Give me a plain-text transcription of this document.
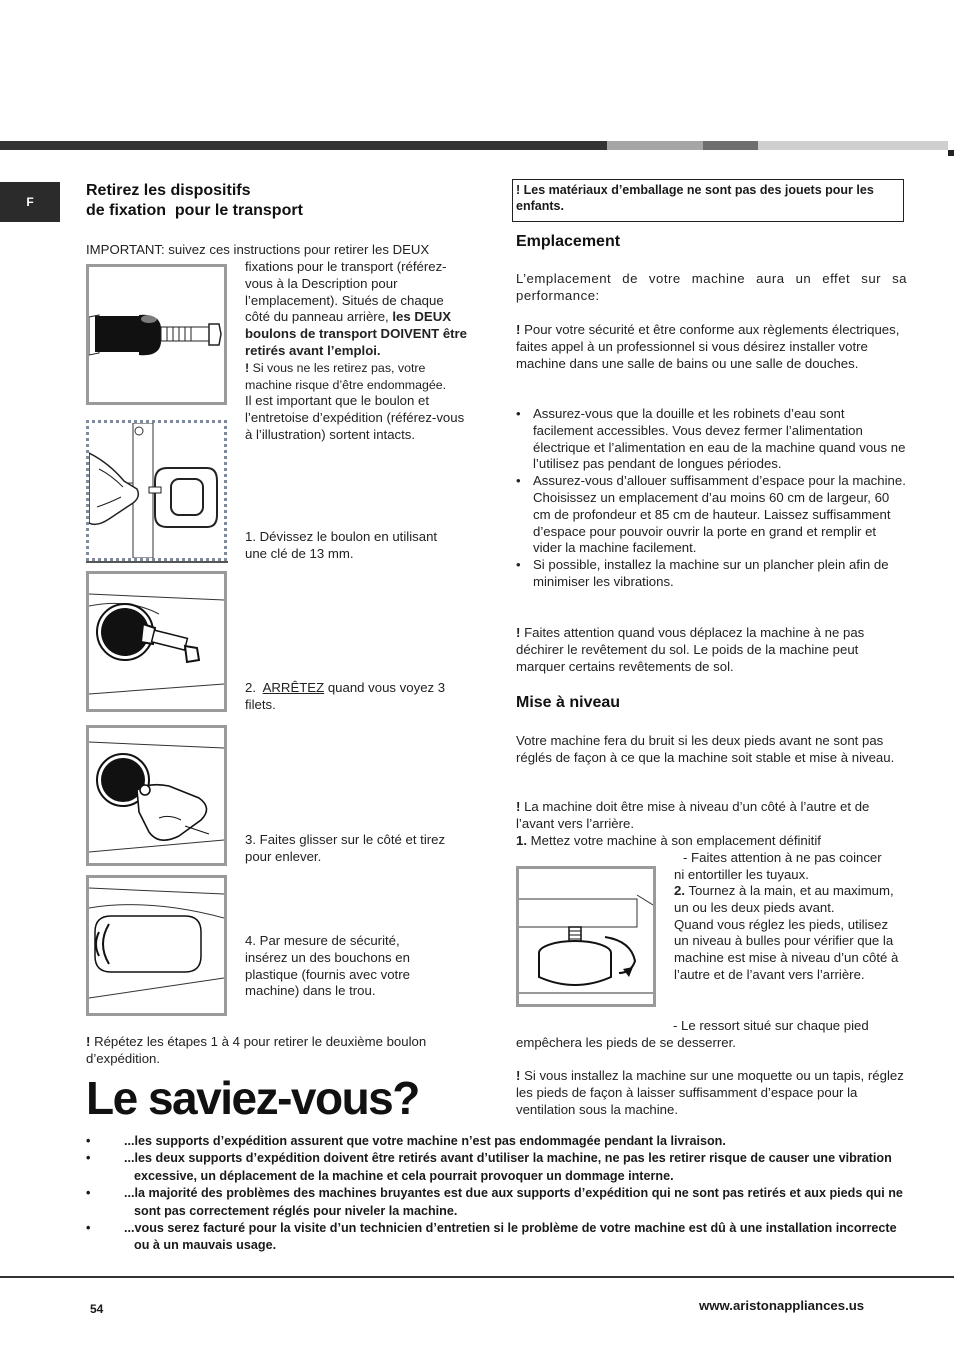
F
Retirez les dispositifs
de fixation  pour le transport
IMPORTANT: suivez ces instructions pour retirer les DEUX
fixations pour le transport (référez-vous à la Description pour l’emplacement). Situés de chaque côté du panneau arrière, les DEUX boulons de transport DOIVENT être retirés avant l’emploi.
! Si vous ne les retirez pas, votre machine risque d’être endommagée.
Il est important que le boulon et l’entretoise d’expédition (référez-vous à l’illustration) sortent intacts.
1. Dévissez le boulon en utilisant une clé de 13 mm.
2. ARRÊTEZ quand vous voyez 3 filets.
3. Faites glisser sur le côté et tirez pour enlever.
4. Par mesure de sécurité, insérez un des bouchons en plastique (fournis avec votre machine) dans le trou.
! Répétez les étapes 1 à 4 pour retirer le deuxième boulon d’expédition.
Le saviez-vous?
! Les matériaux d’emballage ne sont pas des jouets pour les enfants.
Emplacement
L’emplacement de votre machine aura un effet sur sa performance:
! Pour votre sécurité et être conforme aux règlements électriques, faites appel à un professionnel si vous désirez installer votre machine dans une salle de bains ou une salle de douches.
• Assurez-vous que la douille et les robinets d’eau sont facilement accessibles. Vous devez fermer l’alimentation électrique et l’alimentation en eau de la machine quand vous ne l’utilisez pas pendant de longues périodes.
• Assurez-vous d’allouer suffisamment d’espace pour la machine. Choisissez un emplacement d’au moins 60 cm de largeur, 60 cm de profondeur et 85 cm de hauteur. Laissez suffisamment d’espace pour pouvoir ouvrir la porte en grand et remplir et vider la machine facilement.
• Si possible, installez la machine sur un plancher plein afin de minimiser les vibrations.
! Faites attention quand vous déplacez la machine à ne pas déchirer le revêtement du sol. Le poids de la machine peut marquer certains revêtements de sol.
Mise à niveau
Votre machine fera du bruit si les deux pieds avant ne sont pas réglés de façon à ce que la machine soit stable et mise à niveau.
! La machine doit être mise à niveau d’un côté à l’autre et de l’avant vers l’arrière.
1. Mettez votre machine à son emplacement définitif
- Faites attention à ne pas coincer ni entortiller les tuyaux.
2. Tournez à la main, et au maximum, un ou les deux pieds avant.
Quand vous réglez les pieds, utilisez un niveau à bulles pour vérifier que la machine est mise à niveau d’un côté à l’autre et de l’avant vers l’arrière.
- Le ressort situé sur chaque pied empêchera les pieds de se desserrer.
! Si vous installez la machine sur une moquette ou un tapis, réglez les pieds de façon à laisser suffisamment d’espace pour la ventilation sous la machine.
•	...les supports d’expédition assurent que votre machine n’est pas endommagée pendant la livraison.
•	...les deux supports d’expédition doivent être retirés avant d’utiliser la machine, ne pas les retirer risque de causer une vibration excessive, un déplacement de la machine et cela pourrait provoquer un dommage interne.
•	...la majorité des problèmes des machines bruyantes est due aux supports d’expédition qui ne sont pas retirés et aux pieds qui ne sont pas correctement réglés pour niveler la machine.
•	...vous serez facturé pour la visite d’un technicien d’entretien si le problème de votre machine est dû à une installation incorrecte ou à un mauvais usage.
54	www.aristonappliances.us
